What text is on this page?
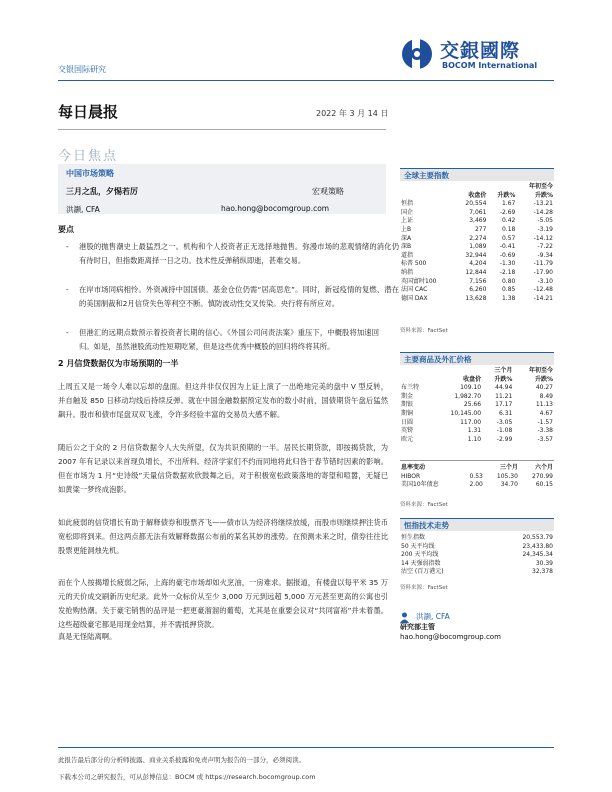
交銀國際
BOCOM International
交银国际研究
每日晨报	2022 年 3 月 14 日
今日焦点
中国市场策略
三月之乱，夕惕若厉	宏观策略
洪灏, CFA	hao.hong@bocomgroup.com
要点
- 港股的抛售潮史上最猛烈之一。机构和个人投资者正无选择地抛售。弥漫市场的悲观情绪的消化仍有待时日，但指数距离择一日之功。技术性反弹稍纵即逝，甚难交易。
- 在岸市场同病相怜。外资减持中国国债。基金仓位仍需“居高思危”。同时，新冠疫情的复燃、潜在的美国制裁和2月信贷失色等利空不断。慎防波动性交叉传染。央行将有所应对。
- 但港汇的远期点数预示着投资者长期的信心。《外国公司问责法案》重压下，中概股将加速回归。如是，虽然港股流动性短期吃紧，但是这些优秀中概股的回归将终将其所。
2 月信贷数据仅为市场预期的一半
上周五又是一场令人难以忘却的盘面。但这并非仅仅因为上证上演了一出绝地完美的盘中 V 型反转，并自触及 850 日移动均线后持续反弹。就在中国金融数据预定发布的数小时前，国债期货午盘后猛然飙升。股市和债市尾盘双双飞涨，令许多经验丰富的交易员大感不解。
随后公之于众的 2 月信贷数据令人大失所望，仅为共识预期的一半。居民长期贷款，即按揭贷款，为 2007 年有记录以来首现负增长，不出所料。经济学家们不约而同地将此归咎于春节错时因素的影响。但在市场为 1 月“史诗级”天量信贷数据欢欣鼓舞之后，对于积极宽松政策落地的寄望和喧嚣，无疑已如黄粱一梦终成泡影。
如此疲弱的信贷增长有助于解释债券和股票齐飞——债市认为经济将继续放缓，而股市则继续押注货币宽松即将到来。但这两点都无法有效解释数据公布前的某名其妙的涨势。在预测未来之时，债券往往比股票更能洞烛先机。
而在个人按揭增长疲弱之际，上海的豪宅市场却如火烹油，一房难求。据报道，有楼盘以每平米 35 万元的天价成交刷新历史纪录。此外一众标价从至少 3,000 万元到远超 5,000 万元甚至更高的公寓也引发抢购热潮。关于豪宅销售的品评是一把更豪溜溜的葡萄，尤其是在重要会议对“共同富裕”并未着墨。这些超级豪宅都是用现金结算，并不需抵押贷款。
真是无怪陆离啊。
全球主要指数
			年初至今
	收盘价	升跌%	升跌%
恒指	20,554	1.67	-13.21
国企	7,061	-2.69	-14.28
上证	3,469	0.42	-5.05
上B	277	0.18	-3.19
深A	2,274	0.57	-14.12
深B	1,089	-0.41	-7.22
道指	32,944	-0.69	-9.34
标普 500	4,204	-1.30	-11.79
纳指	12,844	-2.18	-17.90
英国富时100	7,156	0.80	-3.10
法国 CAC	6,260	0.85	-12.48
德国 DAX	13,628	1.38	-14.21
资料来源：FactSet
主要商品及外汇价格
		三个月	年初至今
	收盘价	升跌%	升跌%
布兰特	109.10	44.94	40.27
期金	1,982.70	11.21	8.49
期银	25.66	17.17	11.13
期铜	10,145.00	6.31	4.67
日圆	117.00	-3.05	-1.57
英镑	1.31	-1.08	-3.38
欧元	1.10	-2.99	-3.57
息率变动		三个月	六个月
HIBOR	0.53	105.30	270.99
美国10年债息	2.00	34.70	60.15
资料来源：FactSet
恒指技术走势
恒生指数	20,553.79
50 天平均线	23,433.80
200 天平均线	24,345.34
14 天强弱指数	30.39
沽空 (百万港元)	32,378
资料来源：FactSet
洪灏, CFA
研究部主管
hao.hong@bocomgroup.com
此报告最后部分的分析师披露、商业关系披露和免责声明为报告的一部分，必须阅读。
下载本公司之研究报告，可从彭博信息：BOCM 或 https://research.bocomgroup.com
